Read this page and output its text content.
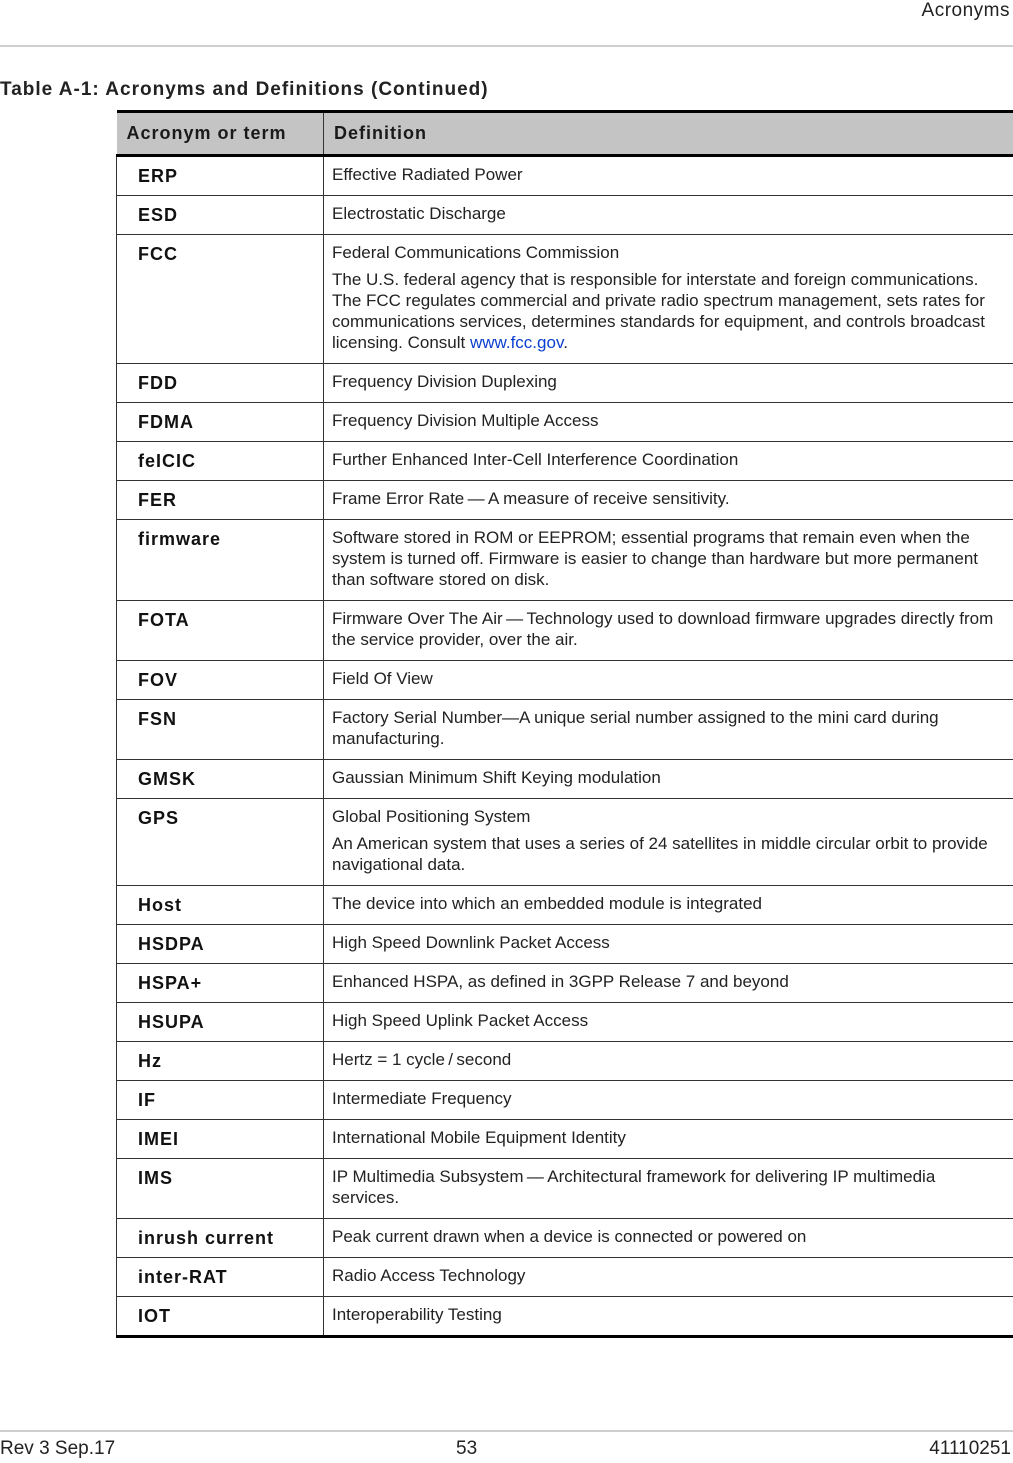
Acronyms
Table A-1: Acronyms and Definitions (Continued)
Acronym or term	Definition
ERP	Effective Radiated Power

ESD	Electrostatic Discharge

FCC	Federal Communications Commission

The U.S. federal agency that is responsible for interstate and foreign communications. The FCC regulates commercial and private radio spectrum management, sets rates for communications services, determines standards for equipment, and controls broadcast licensing. Consult www.fcc.gov.

FDD	Frequency Division Duplexing

FDMA	Frequency Division Multiple Access

feICIC	Further Enhanced Inter-Cell Interference Coordination

FER	Frame Error Rate — A measure of receive sensitivity.

firmware	Software stored in ROM or EEPROM; essential programs that remain even when the system is turned off. Firmware is easier to change than hardware but more permanent than software stored on disk.

FOTA	Firmware Over The Air — Technology used to download firmware upgrades directly from the service provider, over the air.

FOV	Field Of View

FSN	Factory Serial Number—A unique serial number assigned to the mini card during manufacturing.

GMSK	Gaussian Minimum Shift Keying modulation

GPS	Global Positioning System

An American system that uses a series of 24 satellites in middle circular orbit to provide navigational data.

Host	The device into which an embedded module is integrated

HSDPA	High Speed Downlink Packet Access

HSPA+	Enhanced HSPA, as defined in 3GPP Release 7 and beyond

HSUPA	High Speed Uplink Packet Access

Hz	Hertz = 1 cycle / second

IF	Intermediate Frequency

IMEI	International Mobile Equipment Identity

IMS	IP Multimedia Subsystem — Architectural framework for delivering IP multimedia services.

inrush current	Peak current drawn when a device is connected or powered on

inter-RAT	Radio Access Technology

IOT	Interoperability Testing

Rev 3 Sep.17	53	41110251
